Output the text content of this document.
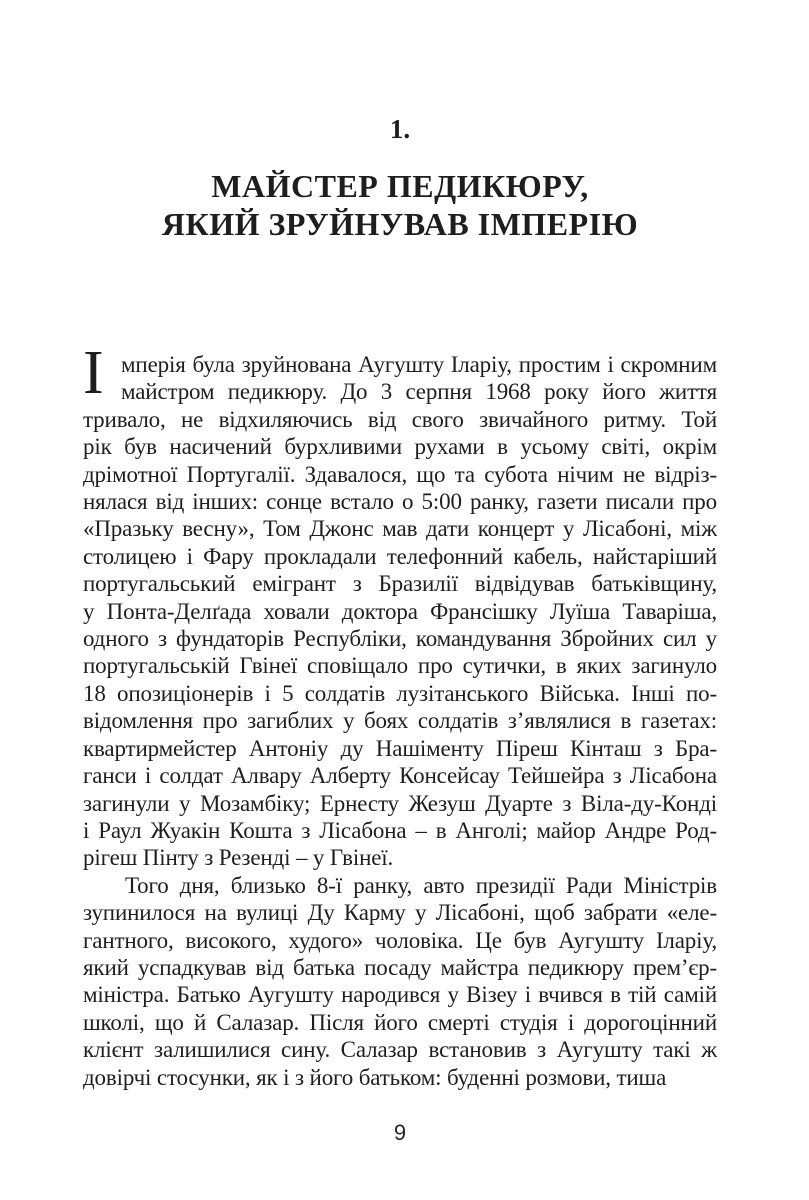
1.
МАЙСТЕР ПЕДИКЮРУ,
ЯКИЙ ЗРУЙНУВАВ ІМПЕРІЮ
І мперія була зруйнована Аугушту Іларіу, простим і скромним
майстром педикюру. До 3 серпня 1968 року його життя
тривало, не відхиляючись від свого звичайного ритму. Той
рік був насичений бурхливими рухами в усьому світі, окрім
дрімотної Португалії. Здавалося, що та субота нічим не відріз-
нялася від інших: сонце встало о 5:00 ранку, газети писали про
«Празьку весну», Том Джонс мав дати концерт у Лісабоні, між
столицею і Фару прокладали телефонний кабель, найстаріший
португальський емігрант з Бразилії відвідував батьківщину,
у Понта-Делґада ховали доктора Франсішку Луїша Таваріша,
одного з фундаторів Республіки, командування Збройних сил у
португальській Гвінеї сповіщало про сутички, в яких загинуло
18 опозиціонерів і 5 солдатів лузітанського Війська. Інші по-
відомлення про загиблих у боях солдатів з’являлися в газетах:
квартирмейстер Антоніу ду Нашіменту Піреш Кінташ з Бра-
ганси і солдат Алвару Алберту Консейсау Тейшейра з Лісабона
загинули у Мозамбіку; Ернесту Жезуш Дуарте з Віла-ду-Конді
і Раул Жуакін Кошта з Лісабона – в Анголі; майор Андре Род-
рігеш Пінту з Резенді – у Гвінеї.
Того дня, близько 8-ї ранку, авто президії Ради Міністрів
зупинилося на вулиці Ду Карму у Лісабоні, щоб забрати «еле-
гантного, високого, худого» чоловіка. Це був Аугушту Іларіу,
який успадкував від батька посаду майстра педикюру прем’єр-
міністра. Батько Аугушту народився у Візеу і вчився в тій самій
школі, що й Салазар. Після його смерті студія і дорогоцінний
клієнт залишилися сину. Салазар встановив з Аугушту такі ж
довірчі стосунки, як і з його батьком: буденні розмови, тиша
9
